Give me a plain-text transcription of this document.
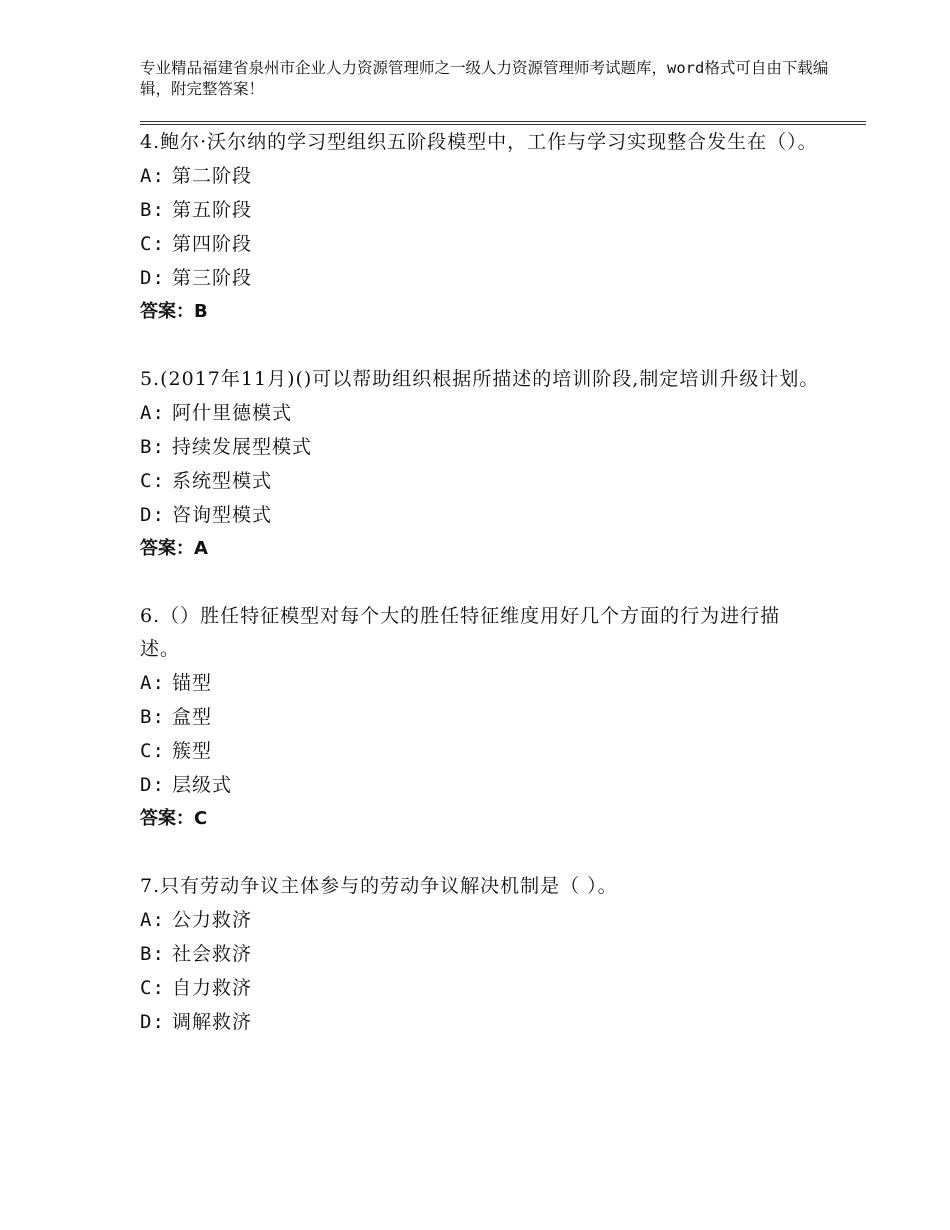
专业精品福建省泉州市企业人力资源管理师之一级人力资源管理师考试题库，word格式可自由下载编辑，附完整答案！

4.鲍尔·沃尔纳的学习型组织五阶段模型中，工作与学习实现整合发生在（）。

A: 第二阶段

B: 第五阶段

C: 第四阶段

D: 第三阶段

答案：B

5.(2017年11月)()可以帮助组织根据所描述的培训阶段,制定培训升级计划。

A: 阿什里德模式

B: 持续发展型模式

C: 系统型模式

D: 咨询型模式

答案：A

6.（）胜任特征模型对每个大的胜任特征维度用好几个方面的行为进行描述。

A: 锚型

B: 盒型

C: 簇型

D: 层级式

答案：C

7.只有劳动争议主体参与的劳动争议解决机制是（ ）。

A: 公力救济

B: 社会救济

C: 自力救济

D: 调解救济
